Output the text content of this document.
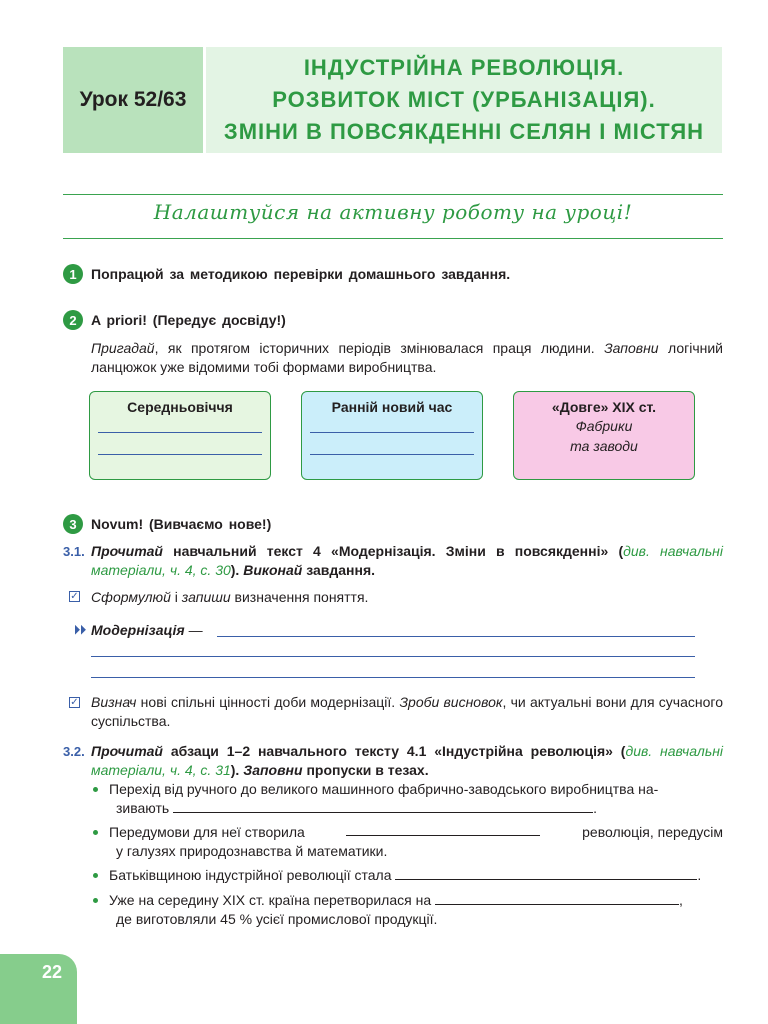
Урок 52/63
ІНДУСТРІЙНА РЕВОЛЮЦІЯ.
РОЗВИТОК МІСТ (УРБАНІЗАЦІЯ).
ЗМІНИ В ПОВСЯКДЕННІ СЕЛЯН І МІСТЯН
Налаштуйся на активну роботу на уроці!
1	Попрацюй за методикою перевірки домашнього завдання.
2	A priori! (Передує досвіду!)
Пригадай, як протягом історичних періодів змінювалася праця людини. Заповни логічний ланцюжок уже відомими тобі формами виробництва.
Середньовіччя	Ранній новий час	«Довге» XIX ст.
Фабрики
та заводи
3	Novum! (Вивчаємо нове!)
3.1. Прочитай навчальний текст 4 «Модернізація. Зміни в повсякденні» (див. навчальні матеріали, ч. 4, с. 30). Виконай завдання.
✓ Сформулюй і запиши визначення поняття.
⏵⏵ Модернізація —
✓ Визнач нові спільні цінності доби модернізації. Зроби висновок, чи актуальні вони для сучасного суспільства.
3.2. Прочитай абзаци 1–2 навчального тексту 4.1 «Індустрійна революція» (див. навчальні матеріали, ч. 4, с. 31). Заповни пропуски в тезах.
Перехід від ручного до великого машинного фабрично-заводського виробництва на-
зивають	.
Передумови для неї створила	революція, передусім
у галузях природознавства й математики.
Батьківщиною індустрійної революції стала	.
Уже на середину XIX ст. країна перетворилася на	,
де виготовляли 45 % усієї промислової продукції.
22
